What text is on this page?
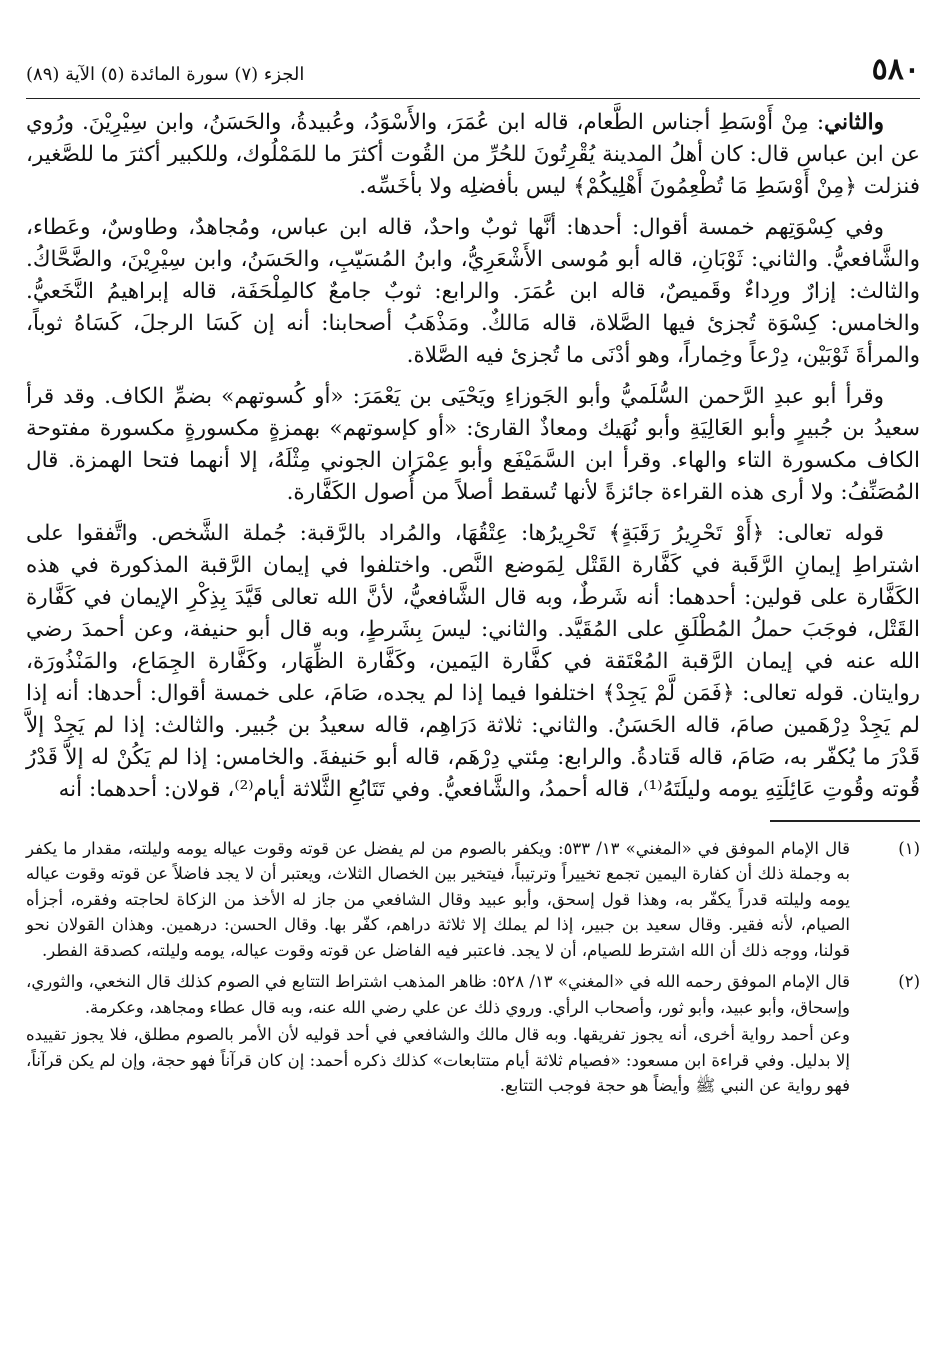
٥٨٠
الجزء (٧) سورة المائدة (٥) الآية (٨٩)

والثاني: مِنْ أَوْسَطِ أجناس الطَّعام، قاله ابن عُمَرَ، والأَسْوَدُ، وعُبيدةُ، والحَسَنُ، وابن سِيْرِيْنَ. ورُوي عن ابن عباس قال: كان أهلُ المدينة يُقْرِتُونَ للحُرِّ من القُوت أكثرَ ما للمَمْلُوك، وللكبير أكثرَ ما للصَّغير، فنزلت ﴿مِنْ أَوْسَطِ مَا تُطْعِمُونَ أَهْلِيكُمْ﴾ ليس بأفضلِه ولا بأخَسِّه.

وفي كِسْوَتِهم خمسة أقوال: أحدها: أنَّها ثوبٌ واحدٌ، قاله ابن عباس، ومُجاهدٌ، وطاوسٌ، وعَطاء، والشَّافعيُّ. والثاني: ثَوْبَانِ، قاله أبو مُوسى الأَشْعَرِيُّ، وابنُ المُسَيّبِ، والحَسَنُ، وابن سِيْرِيْنَ، والضَّحَّاكُ. والثالث: إزارٌ ورِداءٌ وقَميصٌ، قاله ابن عُمَرَ. والرابع: ثوبٌ جامعٌ كالمِلْحَفَة، قاله إبراهيمُ النَّخَعيُّ. والخامس: كِسْوَة تُجزئ فيها الصَّلاة، قاله مَالكٌ. ومَذْهَبُ أصحابنا: أنه إن كَسَا الرجلَ، كَسَاهُ ثوباً، والمرأةَ ثَوْبَيْن، دِرْعاً وخِماراً، وهو أدْنَى ما تُجزئ فيه الصَّلاة.

وقرأ أبو عبدِ الرَّحمن السُّلَميُّ وأبو الجَوزاءِ ويَحْيَى بن يَعْمَرَ: «أو كُسوتهم» بضمِّ الكاف. وقد قرأ سعيدُ بن جُبيرٍ وأبو العَالِيَةِ وأبو نُهَيك ومعاذٌ القارئ: «أو كإسوتهم» بهمزةٍ مكسورةٍ مكسورة مفتوحة الكاف مكسورة التاء والهاء. وقرأ ابن السَّمَيْفَع وأبو عِمْرَان الجوني مِثْلَهُ، إلا أنهما فتحا الهمزة. قال المُصَنِّفُ: ولا أرى هذه القراءة جائزةً لأنها تُسقط أصلاً من أُصول الكَفَّارة.

قوله تعالى: ﴿أَوْ تَحْرِيرُ رَقَبَةٍ﴾ تَحْرِيرُها: عِتْقُهَا، والمُراد بالرَّقبة: جُملة الشَّخص. واتَّفقوا على اشتراطِ إيمانِ الرَّقَبة في كَفَّارة القَتْل لِمَوضع النَّص. واختلفوا في إيمان الرَّقبة المذكورة في هذه الكَفَّارة على قولين: أحدهما: أنه شَرطٌ، وبه قال الشَّافعيُّ، لأنَّ الله تعالى قَيَّدَ بِذِكْرِ الإيمان في كَفَّارة القَتْل، فوجَبَ حملُ المُطْلَقِ على المُقَيَّد. والثاني: ليسَ بِشَرطٍ، وبه قال أبو حنيفة، وعن أحمدَ رضي الله عنه في إيمان الرَّقبة المُعْتَقة في كفَّارة اليَمين، وكَفَّارة الظِّهَار، وكَفَّارة الجِمَاع، والمَنْذُورَة، روايتان. قوله تعالى: ﴿فَمَن لَّمْ يَجِدْ﴾ اختلفوا فيما إذا لم يجده، صَامَ، على خمسة أقوال: أحدها: أنه إذا لم يَجِدْ دِرْهَمين صامَ، قاله الحَسَنُ. والثاني: ثلاثة دَرَاهِم، قاله سعيدُ بن جُبير. والثالث: إذا لم يَجِدْ إلاَّ قَدْرَ ما يُكفّر به، صَامَ، قاله قَتادةُ. والرابع: مِئتي دِرْهَم، قاله أبو حَنيفةَ. والخامس: إذا لم يَكُنْ له إلاَّ قَدْرُ قُوته وقُوتِ عَائِلَتِهِ يومه وليلَتَهُ⁽¹⁾، قاله أحمدُ، والشَّافعيُّ. وفي تَتَابُعِ الثَّلاثة أيام⁽²⁾، قولان: أحدهما: أنه

(١)

قال الإمام الموفق في «المغني» ١٣/ ٥٣٣: ويكفر بالصوم من لم يفضل عن قوته وقوت عياله يومه وليلته، مقدار ما يكفر به وجملة ذلك أن كفارة اليمين تجمع تخييراً وترتيباً، فيتخير بين الخصال الثلاث، ويعتبر أن لا يجد فاضلاً عن قوته وقوت عياله يومه وليلته قدراً يكفّر به، وهذا قول إسحق، وأبو عبيد وقال الشافعي من جاز له الأخذ من الزكاة لحاجته وفقره، أجزأه الصيام، لأنه فقير. وقال سعيد بن جبير، إذا لم يملك إلا ثلاثة دراهم، كفّر بها. وقال الحسن: درهمين. وهذان القولان نحو قولنا، ووجه ذلك أن الله اشترط للصيام، أن لا يجد. فاعتبر فيه الفاضل عن قوته وقوت عياله، يومه وليلته، كصدقة الفطر.

(٢)

قال الإمام الموفق رحمه الله في «المغني» ١٣/ ٥٢٨: ظاهر المذهب اشتراط التتابع في الصوم كذلك قال النخعي، والثوري، وإسحاق، وأبو عبيد، وأبو ثور، وأصحاب الرأي. وروي ذلك عن علي رضي الله عنه، وبه قال عطاء ومجاهد، وعكرمة.

وعن أحمد رواية أخرى، أنه يجوز تفريقها. وبه قال مالك والشافعي في أحد قوليه لأن الأمر بالصوم مطلق، فلا يجوز تقييده إلا بدليل. وفي قراءة ابن مسعود: «فصيام ثلاثة أيام متتابعات» كذلك ذكره أحمد: إن كان قرآناً فهو حجة، وإن لم يكن قرآناً، فهو رواية عن النبي ﷺ وأيضاً هو حجة فوجب التتابع.
